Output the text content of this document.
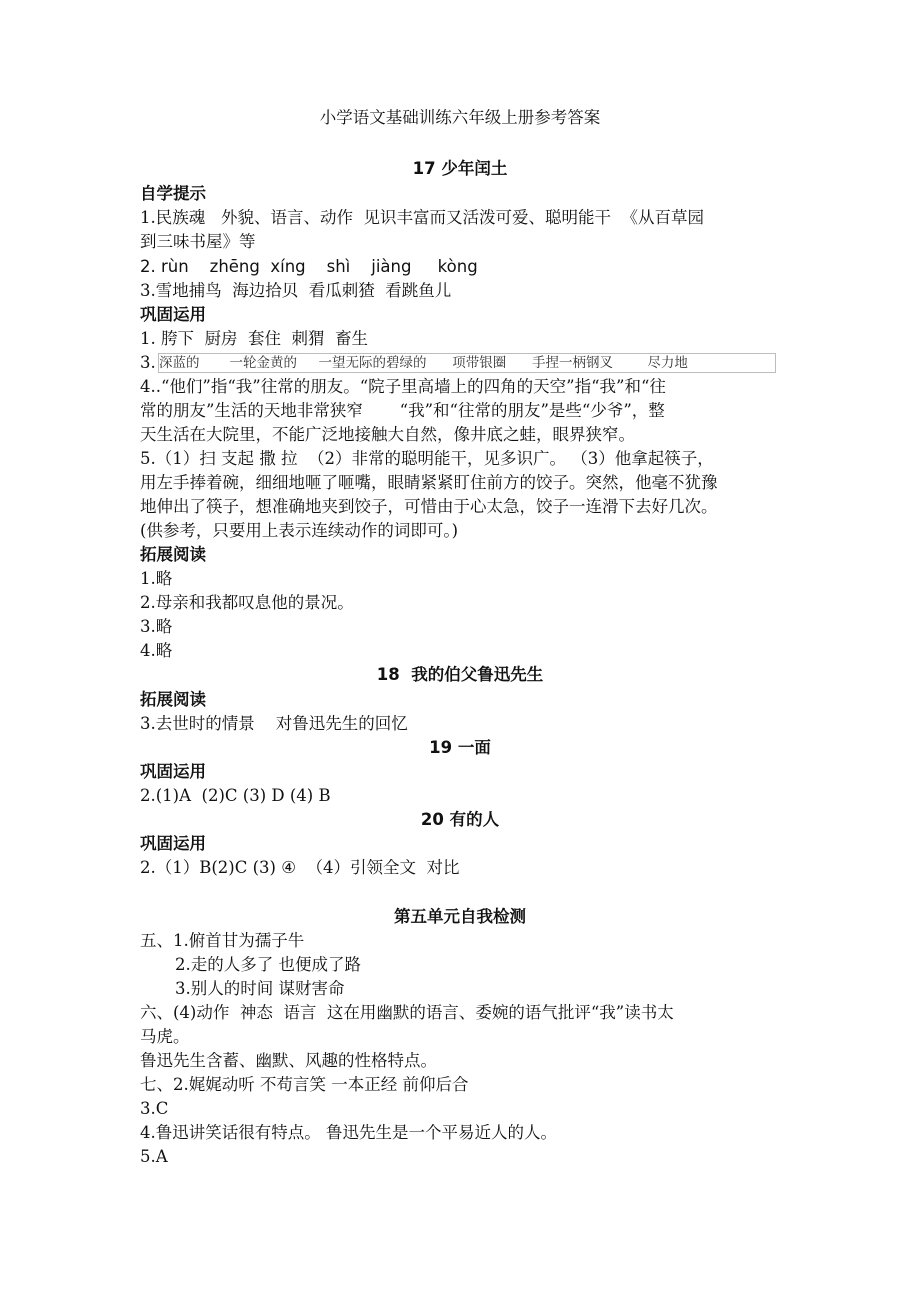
小学语文基础训练六年级上册参考答案
17 少年闰土
自学提示
1.民族魂   外貌、语言、动作  见识丰富而又活泼可爱、聪明能干  《从百草园
到三味书屋》等
2. rùn    zhēng  xíng    shì    jiàng     kòng
3.雪地捕鸟  海边拾贝  看瓜刺猹  看跳鱼儿
巩固运用
1. 胯下  厨房  套住  刺猬  畜生
3. 深蓝的       一轮金黄的     一望无际的碧绿的      项带银圈      手捏一柄钢叉        尽力地
4..“他们”指“我”往常的朋友。“院子里高墙上的四角的天空”指“我”和“往
常的朋友”生活的天地非常狭窄       “我”和“往常的朋友”是些“少爷”，整
天生活在大院里，不能广泛地接触大自然，像井底之蛙，眼界狭窄。
5.（1）扫 支起 撒 拉  （2）非常的聪明能干，见多识广。 （3）他拿起筷子，
用左手捧着碗，细细地咂了咂嘴，眼睛紧紧盯住前方的饺子。突然，他毫不犹豫
地伸出了筷子，想准确地夹到饺子，可惜由于心太急，饺子一连滑下去好几次。
(供参考，只要用上表示连续动作的词即可。)
拓展阅读
1.略
2.母亲和我都叹息他的景况。
3.略
4.略
18  我的伯父鲁迅先生
拓展阅读
3.去世时的情景    对鲁迅先生的回忆
19 一面
巩固运用
2.(1)A  (2)C (3) D (4) B
20 有的人
巩固运用
2.（1）B(2)C (3) ④  （4）引领全文  对比
第五单元自我检测
五、1.俯首甘为孺子牛
2.走的人多了 也便成了路
3.别人的时间 谋财害命
六、(4)动作  神态  语言  这在用幽默的语言、委婉的语气批评“我”读书太
马虎。
鲁迅先生含蓄、幽默、风趣的性格特点。
七、2.娓娓动听 不苟言笑 一本正经 前仰后合
3.C
4.鲁迅讲笑话很有特点。 鲁迅先生是一个平易近人的人。
5.A
